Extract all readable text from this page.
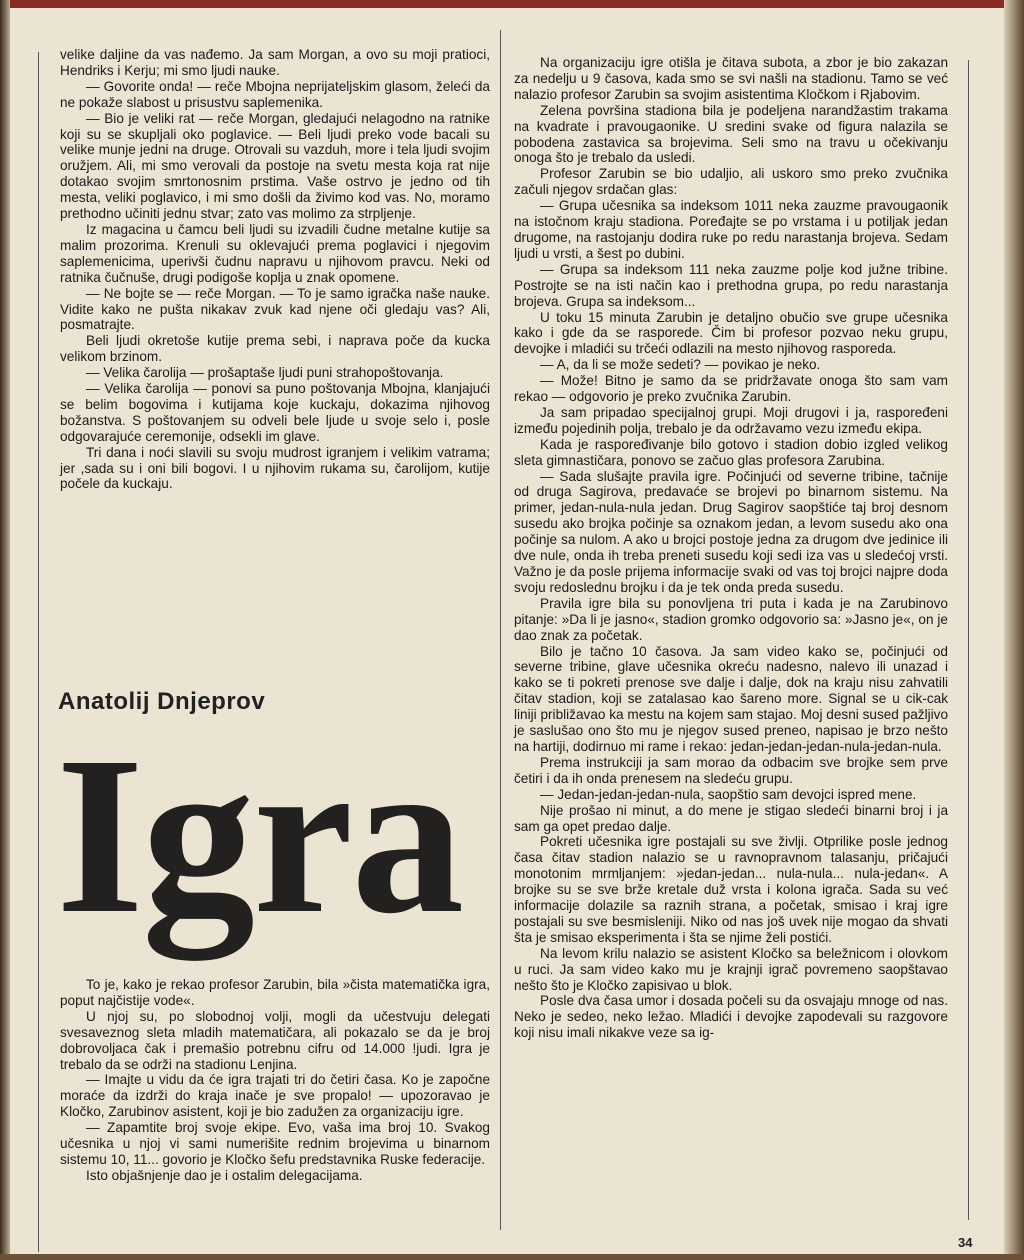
velike daljine da vas nađemo. Ja sam Morgan, a ovo su moji pratioci, Hendriks i Kerju; mi smo ljudi nauke.

— Govorite onda! — reče Mbojna neprijateljskim glasom, želeći da ne pokaže slabost u prisustvu saplemenika.

— Bio je veliki rat — reče Morgan, gledajući nelagodno na ratnike koji su se skupljali oko poglavice. — Beli ljudi preko vode bacali su velike munje jedni na druge. Otrovali su vazduh, more i tela ljudi svojim oružjem. Ali, mi smo verovali da postoje na svetu mesta koja rat nije dotakao svojim smrtonosnim prstima. Vaše ostrvo je jedno od tih mesta, veliki poglavico, i mi smo došli da živimo kod vas. No, moramo prethodno učiniti jednu stvar; zato vas molimo za strpljenje.

Iz magacina u čamcu beli ljudi su izvadili čudne metalne kutije sa malim prozorima. Krenuli su oklevajući prema poglavici i njegovim saplemenicima, uperivši čudnu napravu u njihovom pravcu. Neki od ratnika čučnuše, drugi podigoše koplja u znak opomene.

— Ne bojte se — reče Morgan. — To je samo igračka naše nauke. Vidite kako ne pušta nikakav zvuk kad njene oči gledaju vas? Ali, posmatrajte.

Beli ljudi okretoše kutije prema sebi, i naprava poče da kucka velikom brzinom.

— Velika čarolija — prošaptaše ljudi puni strahopoštovanja.

— Velika čarolija — ponovi sa puno poštovanja Mbojna, klanjajući se belim bogovima i kutijama koje kuckaju, dokazima njihovog božanstva. S poštovanjem su odveli bele ljude u svoje selo i, posle odgovarajuće ceremonije, odsekli im glave.

Tri dana i noći slavili su svoju mudrost igranjem i velikim vatrama; jer ,sada su i oni bili bogovi. I u njihovim rukama su, čarolijom, kutije počele da kuckaju.

Anatolij Dnjeprov
Igra

To je, kako je rekao profesor Zarubin, bila »čista matematička igra, poput najčistije vode«.

U njoj su, po slobodnoj volji, mogli da učestvuju delegati svesaveznog sleta mladih matematičara, ali pokazalo se da je broj dobrovoljaca čak i premašio potrebnu cifru od 14.000 !judi. Igra je trebalo da se održi na stadionu Lenjina.

— Imajte u vidu da će igra trajati tri do četiri časa. Ko je započne moraće da izdrži do kraja inače je sve propalo! — upozoravao je Kločko, Zarubinov asistent, koji je bio zadužen za organizaciju igre.

— Zapamtite broj svoje ekipe. Evo, vaša ima broj 10. Svakog učesnika u njoj vi sami numerišite rednim brojevima u binarnom sistemu 10, 11... govorio je Kločko šefu predstavnika Ruske federacije.

Isto objašnjenje dao je i ostalim delegacijama.

Na organizaciju igre otišla je čitava subota, a zbor je bio zakazan za nedelju u 9 časova, kada smo se svi našli na stadionu. Tamo se već nalazio profesor Zarubin sa svojim asistentima Kločkom i Rjabovim.

Zelena površina stadiona bila je podeljena narandžastim trakama na kvadrate i pravougaonike. U sredini svake od figura nalazila se pobodena zastavica sa brojevima. Seli smo na travu u očekivanju onoga što je trebalo da usledi.

Profesor Zarubin se bio udaljio, ali uskoro smo preko zvučnika začuli njegov srdačan glas:

— Grupa učesnika sa indeksom 1011 neka zauzme pravougaonik na istočnom kraju stadiona. Poređajte se po vrstama i u potiljak jedan drugome, na rastojanju dodira ruke po redu narastanja brojeva. Sedam ljudi u vrsti, a šest po dubini.

— Grupa sa indeksom 111 neka zauzme polje kod južne tribine. Postrojte se na isti način kao i prethodna grupa, po redu narastanja brojeva. Grupa sa indeksom...

U toku 15 minuta Zarubin je detaljno obučio sve grupe učesnika kako i gde da se rasporede. Čim bi profesor pozvao neku grupu, devojke i mladići su trčeći odlazili na mesto njihovog rasporeda.

— A, da li se može sedeti? — povikao je neko.

— Može! Bitno je samo da se pridržavate onoga što sam vam rekao — odgovorio je preko zvučnika Zarubin.

Ja sam pripadao specijalnoj grupi. Moji drugovi i ja, raspoređeni između pojedinih polja, trebalo je da održavamo vezu između ekipa.

Kada je raspoređivanje bilo gotovo i stadion dobio izgled velikog sleta gimnastičara, ponovo se začuo glas profesora Zarubina.

— Sada slušajte pravila igre. Počinjući od severne tribine, tačnije od druga Sagirova, predavaće se brojevi po binarnom sistemu. Na primer, jedan-nula-nula jedan. Drug Sagirov saopštiće taj broj desnom susedu ako brojka počinje sa oznakom jedan, a levom susedu ako ona počinje sa nulom. A ako u brojci postoje jedna za drugom dve jedinice ili dve nule, onda ih treba preneti susedu koji sedi iza vas u sledećoj vrsti. Važno je da posle prijema informacije svaki od vas toj brojci najpre doda svoju redoslednu brojku i da je tek onda preda susedu.

Pravila igre bila su ponovljena tri puta i kada je na Zarubinovo pitanje: »Da li je jasno«, stadion gromko odgovorio sa: »Jasno je«, on je dao znak za početak.

Bilo je tačno 10 časova. Ja sam video kako se, počinjući od severne tribine, glave učesnika okreću nadesno, nalevo ili unazad i kako se ti pokreti prenose sve dalje i dalje, dok na kraju nisu zahvatili čitav stadion, koji se zatalasao kao šareno more. Signal se u cik-cak liniji približavao ka mestu na kojem sam stajao. Moj desni sused pažljivo je saslušao ono što mu je njegov sused preneo, napisao je brzo nešto na hartiji, dodirnuo mi rame i rekao: jedan-jedan-jedan-nula-jedan-nula.

Prema instrukciji ja sam morao da odbacim sve brojke sem prve četiri i da ih onda prenesem na sledeću grupu.

— Jedan-jedan-jedan-nula, saopštio sam devojci ispred mene.

Nije prošao ni minut, a do mene je stigao sledeći binarni broj i ja sam ga opet predao dalje.

Pokreti učesnika igre postajali su sve življi. Otprilike posle jednog časa čitav stadion nalazio se u ravnopravnom talasanju, pričajući monotonim mrmljanjem: »jedan-jedan... nula-nula... nula-jedan«. A brojke su se sve brže kretale duž vrsta i kolona igrača. Sada su već informacije dolazile sa raznih strana, a početak, smisao i kraj igre postajali su sve besmisleniji. Niko od nas još uvek nije mogao da shvati šta je smisao eksperimenta i šta se njime želi postići.

Na levom krilu nalazio se asistent Kločko sa beležnicom i olovkom u ruci. Ja sam video kako mu je krajnji igrač povremeno saopštavao nešto što je Kločko zapisivao u blok.

Posle dva časa umor i dosada počeli su da osvajaju mnoge od nas. Neko je sedeo, neko ležao. Mladići i devojke zapodevali su razgovore koji nisu imali nikakve veze sa ig-

34
